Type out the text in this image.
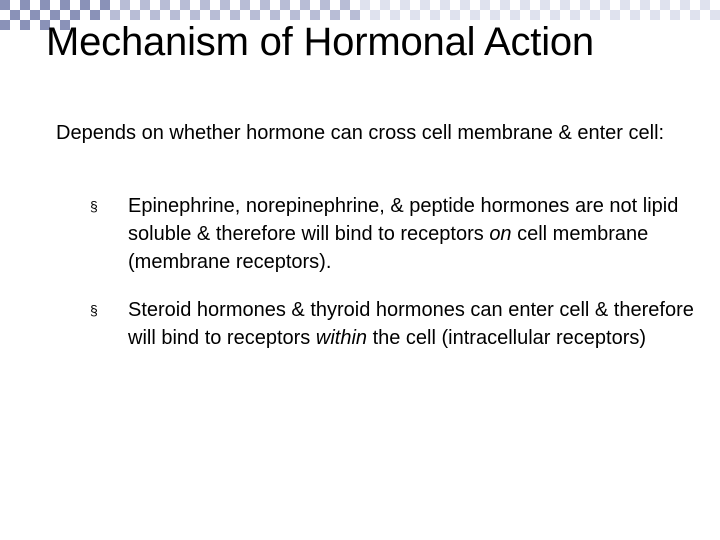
Mechanism of Hormonal Action
Depends on whether hormone can cross cell membrane & enter cell:
§ Epinephrine, norepinephrine, & peptide hormones are not lipid soluble & therefore will bind to receptors on cell membrane (membrane receptors).
§ Steroid hormones & thyroid hormones can enter cell & therefore will bind to receptors within the cell (intracellular receptors)
